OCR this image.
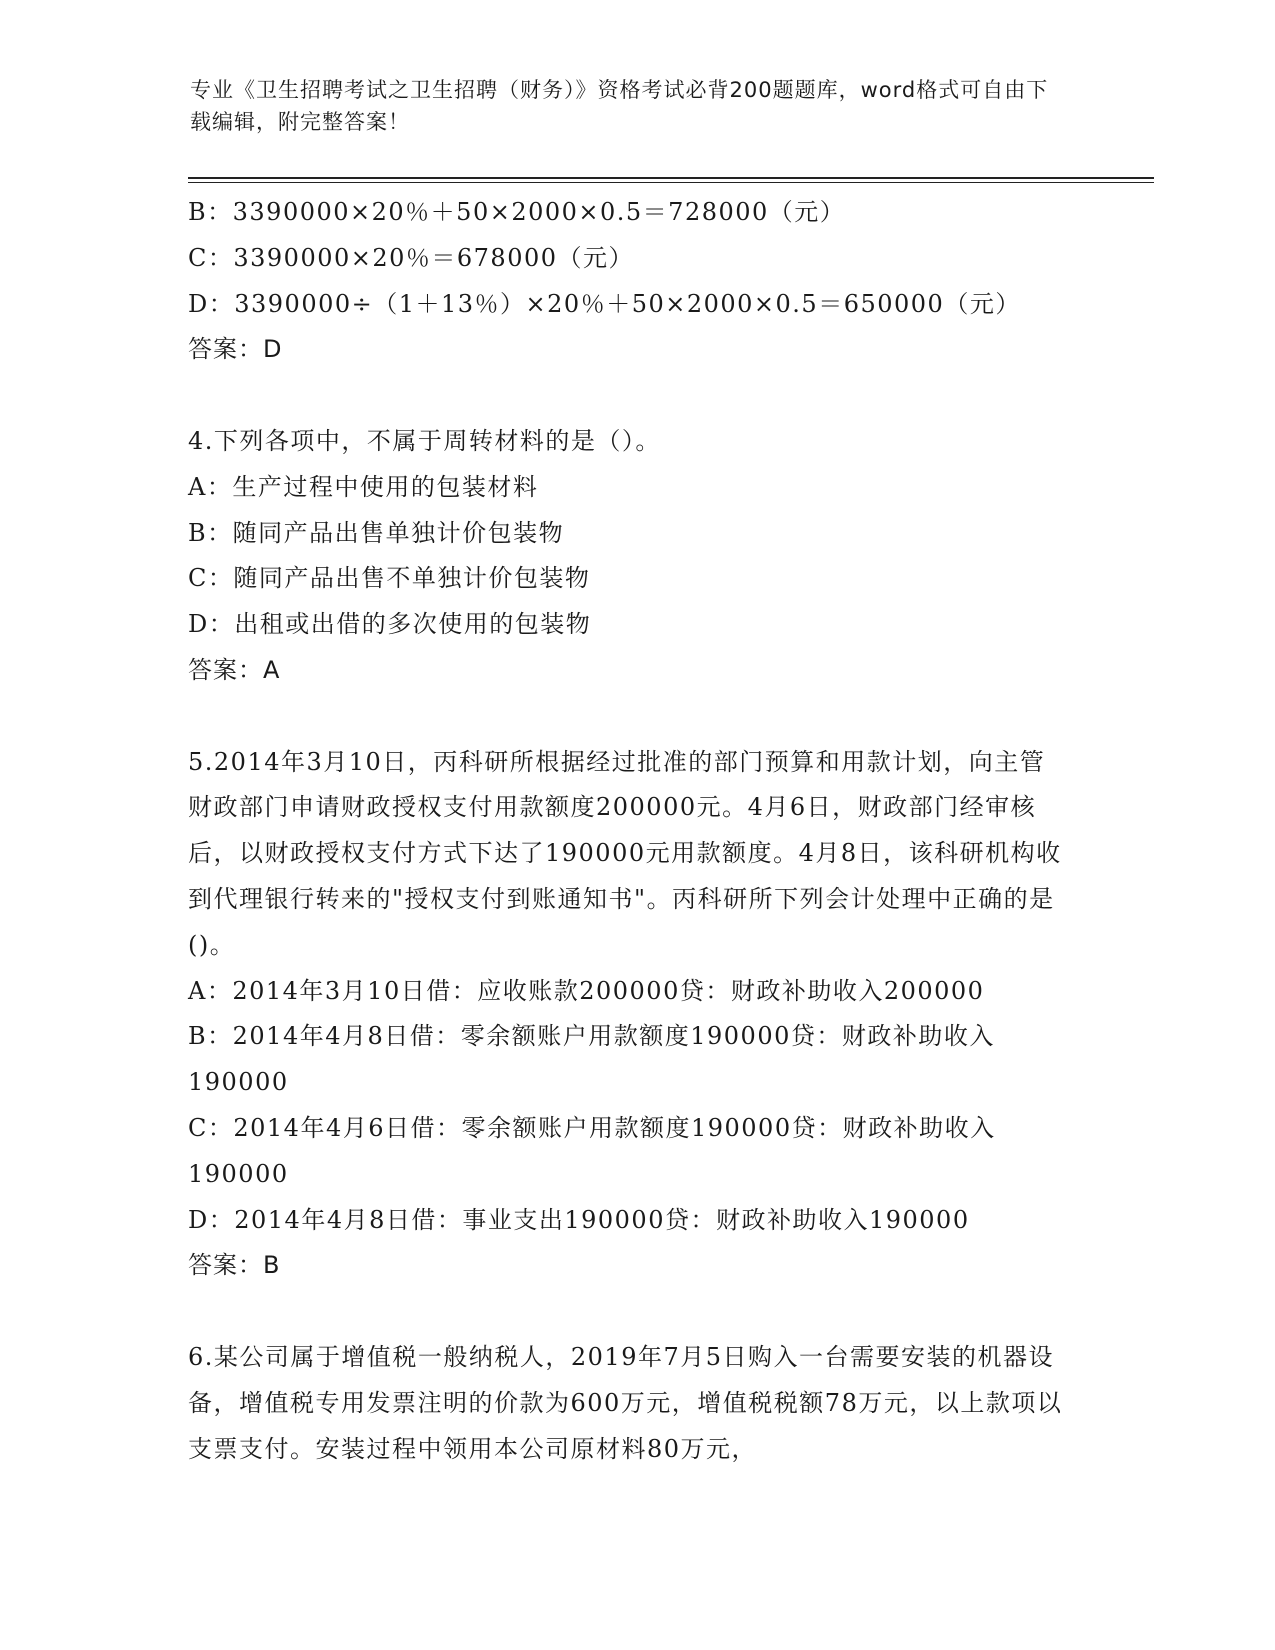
专业《卫生招聘考试之卫生招聘（财务）》资格考试必背200题题库，word格式可自由下载编辑，附完整答案！
B：3390000×20％＋50×2000×0.5＝728000（元）
C：3390000×20％＝678000（元）
D：3390000÷（1＋13％）×20％＋50×2000×0.5＝650000（元）
答案：D
4.下列各项中，不属于周转材料的是（）。
A：生产过程中使用的包装材料
B：随同产品出售单独计价包装物
C：随同产品出售不单独计价包装物
D：出租或出借的多次使用的包装物
答案：A
5.2014年3月10日，丙科研所根据经过批准的部门预算和用款计划，向主管财政部门申请财政授权支付用款额度200000元。4月6日，财政部门经审核后，以财政授权支付方式下达了190000元用款额度。4月8日，该科研机构收到代理银行转来的"授权支付到账通知书"。丙科研所下列会计处理中正确的是()。
A：2014年3月10日借：应收账款200000贷：财政补助收入200000
B：2014年4月8日借：零余额账户用款额度190000贷：财政补助收入190000
C：2014年4月6日借：零余额账户用款额度190000贷：财政补助收入190000
D：2014年4月8日借：事业支出190000贷：财政补助收入190000
答案：B
6.某公司属于增值税一般纳税人，2019年7月5日购入一台需要安装的机器设备，增值税专用发票注明的价款为600万元，增值税税额78万元，以上款项以支票支付。安装过程中领用本公司原材料80万元，
